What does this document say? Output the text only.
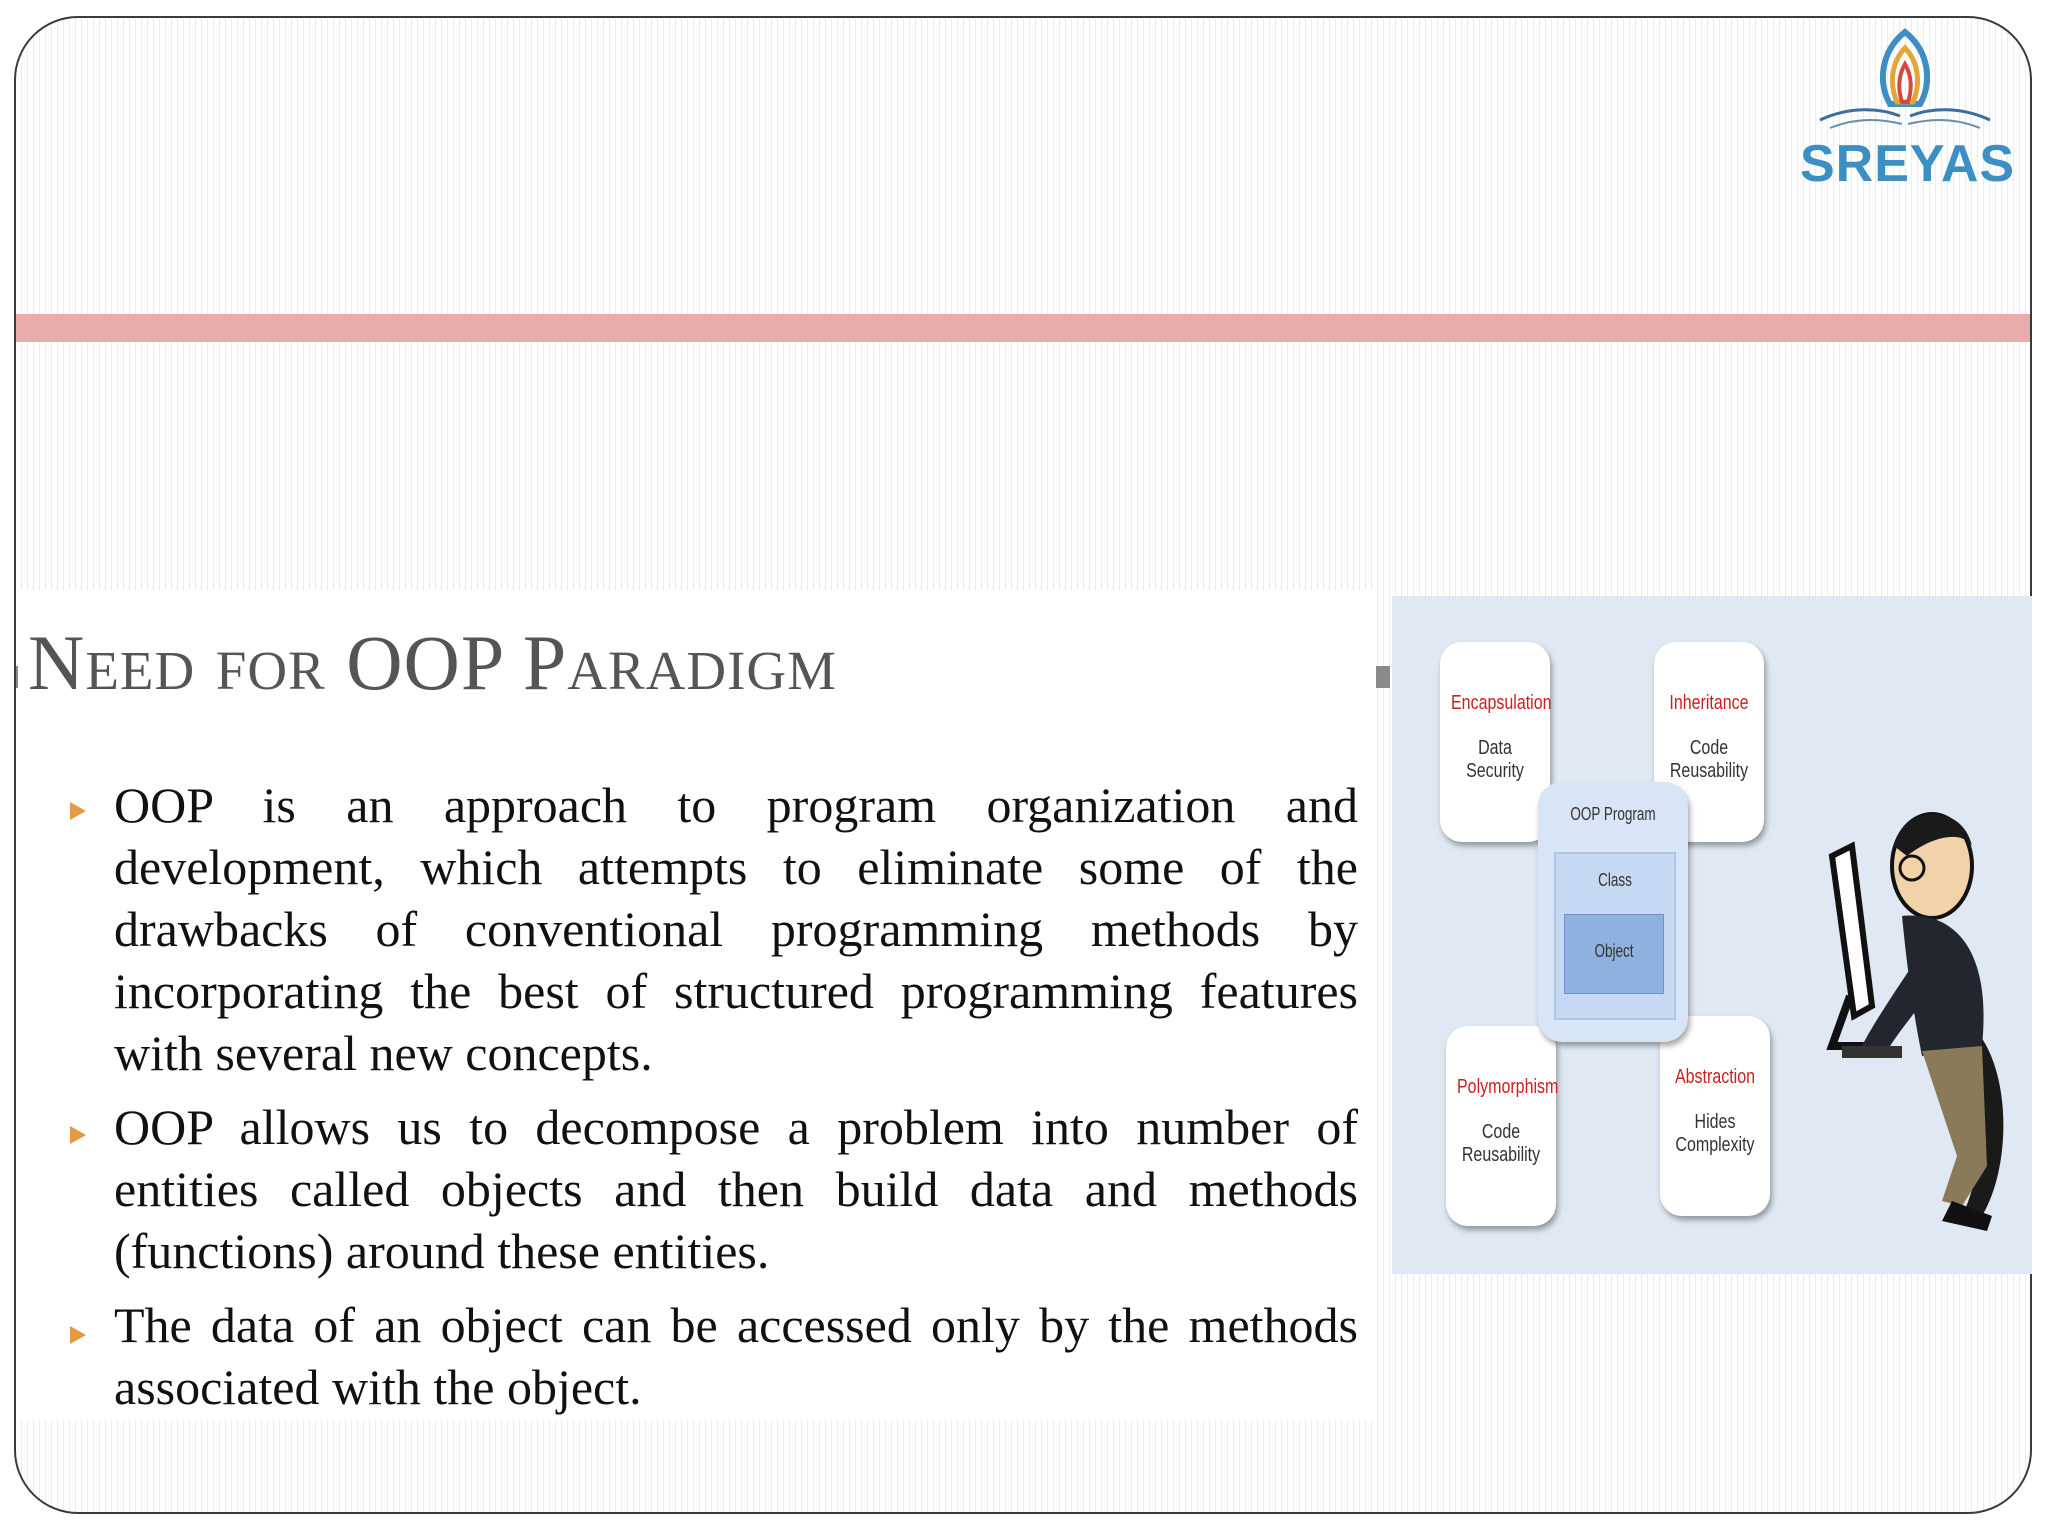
SREYAS
Need for OOP Paradigm

OOP is an approach to program organization and development, which attempts to eliminate some of the drawbacks of conventional programming methods by incorporating the best of structured programming features with several new concepts.

OOP allows us to decompose a problem into number of entities called objects and then build data and methods (functions) around these entities.

The data of an object can be accessed only by the methods associated with the object.

Encapsulation
Data Security
Inheritance
Code Reusability
Polymorphism
Code Reusability
Abstraction
Hides Complexity
OOP Program
Class
Object
